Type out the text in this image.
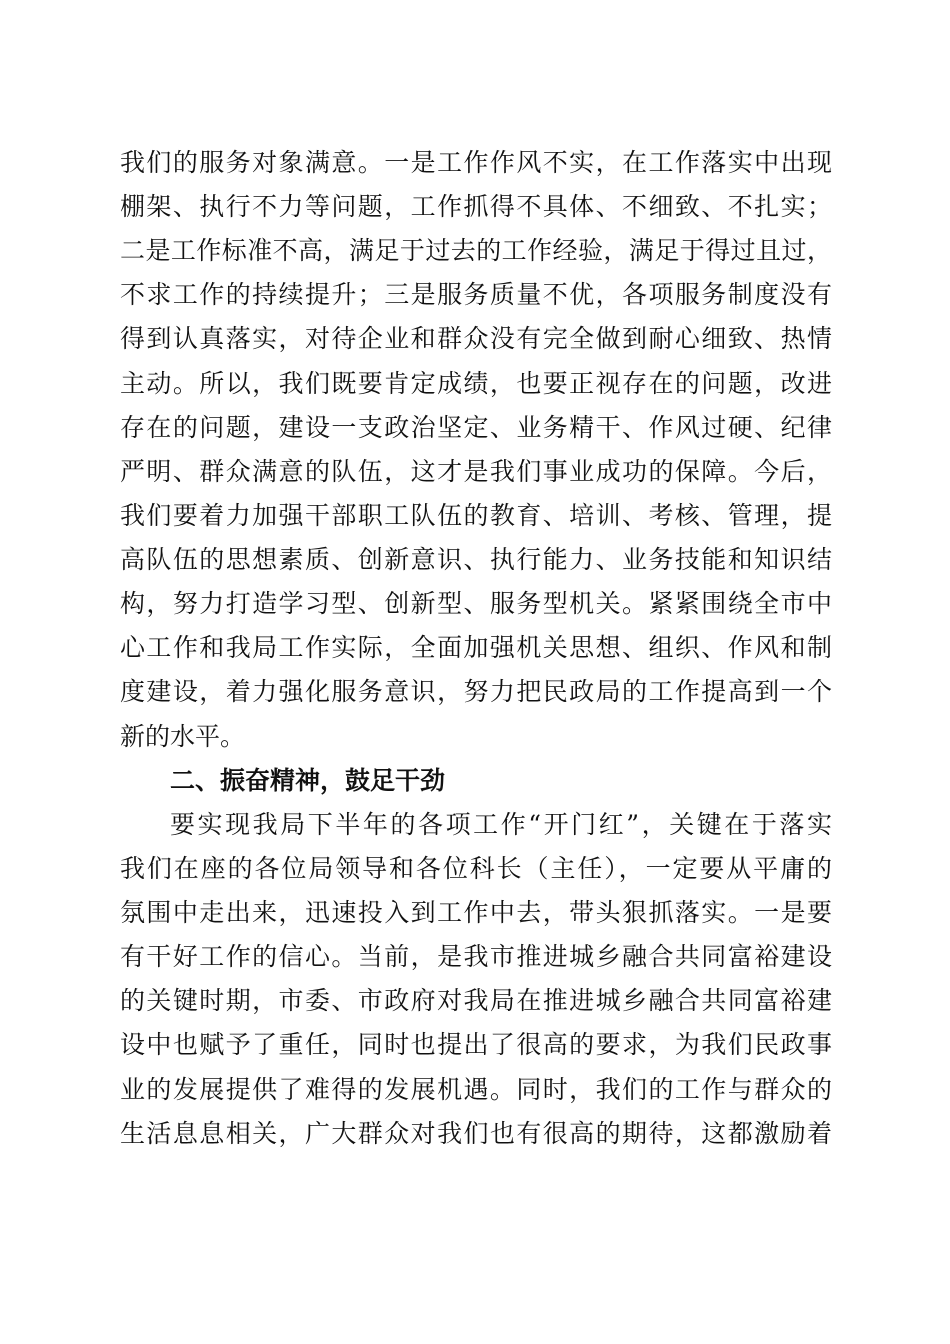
我们的服务对象满意。一是工作作风不实，在工作落实中出现
棚架、执行不力等问题，工作抓得不具体、不细致、不扎实；
二是工作标准不高，满足于过去的工作经验，满足于得过且过，
不求工作的持续提升；三是服务质量不优，各项服务制度没有
得到认真落实，对待企业和群众没有完全做到耐心细致、热情
主动。所以，我们既要肯定成绩，也要正视存在的问题，改进
存在的问题，建设一支政治坚定、业务精干、作风过硬、纪律
严明、群众满意的队伍，这才是我们事业成功的保障。今后，
我们要着力加强干部职工队伍的教育、培训、考核、管理，提
高队伍的思想素质、创新意识、执行能力、业务技能和知识结
构，努力打造学习型、创新型、服务型机关。紧紧围绕全市中
心工作和我局工作实际，全面加强机关思想、组织、作风和制
度建设，着力强化服务意识，努力把民政局的工作提高到一个
新的水平。
二、振奋精神，鼓足干劲
要实现我局下半年的各项工作“开门红”，关键在于落实
我们在座的各位局领导和各位科长（主任），一定要从平庸的
氛围中走出来，迅速投入到工作中去，带头狠抓落实。一是要
有干好工作的信心。当前，是我市推进城乡融合共同富裕建设
的关键时期，市委、市政府对我局在推进城乡融合共同富裕建
设中也赋予了重任，同时也提出了很高的要求，为我们民政事
业的发展提供了难得的发展机遇。同时，我们的工作与群众的
生活息息相关，广大群众对我们也有很高的期待，这都激励着
